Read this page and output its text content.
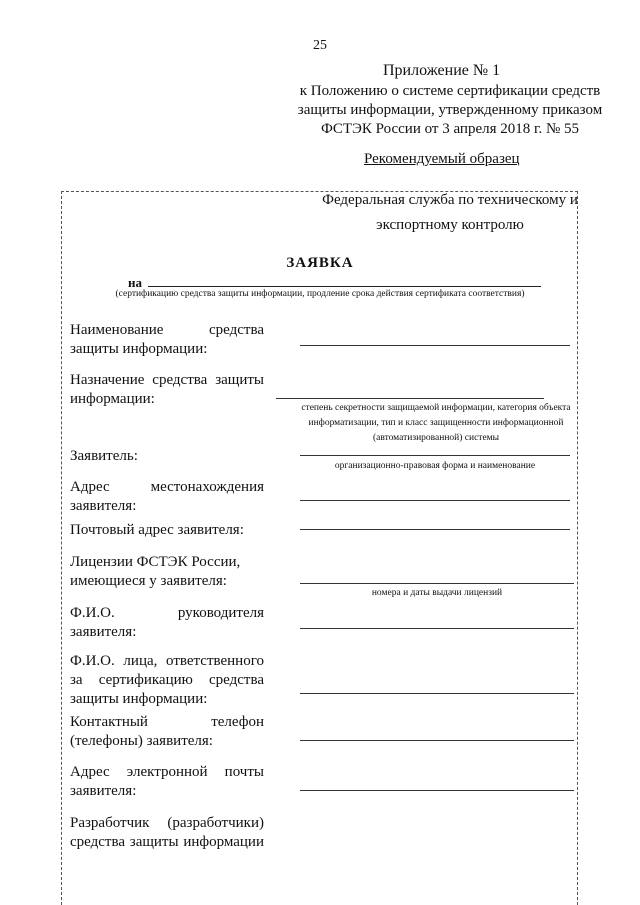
25
Приложение № 1
к Положению о системе сертификации средств
защиты информации, утвержденному приказом
ФСТЭК России от 3 апреля 2018 г. № 55
Рекомендуемый образец
Федеральная служба по техническому и
экспортному контролю
ЗАЯВКА
на
(сертификацию средства защиты информации, продление срока действия сертификата соответствия)
Наименование средства
защиты информации:
Назначение средства защиты
информации:
степень секретности защищаемой информации, категория объекта
информатизации, тип и класс защищенности информационной
(автоматизированной) системы
Заявитель:
организационно-правовая форма и наименование
Адрес местонахождения
заявителя:
Почтовый адрес заявителя:
Лицензии ФСТЭК России,
имеющиеся у заявителя:
номера и даты выдачи лицензий
Ф.И.О. руководителя
заявителя:
Ф.И.О. лица, ответственного
за сертификацию средства
защиты информации:
Контактный телефон
(телефоны) заявителя:
Адрес электронной почты
заявителя:
Разработчик (разработчики)
средства защиты информации
